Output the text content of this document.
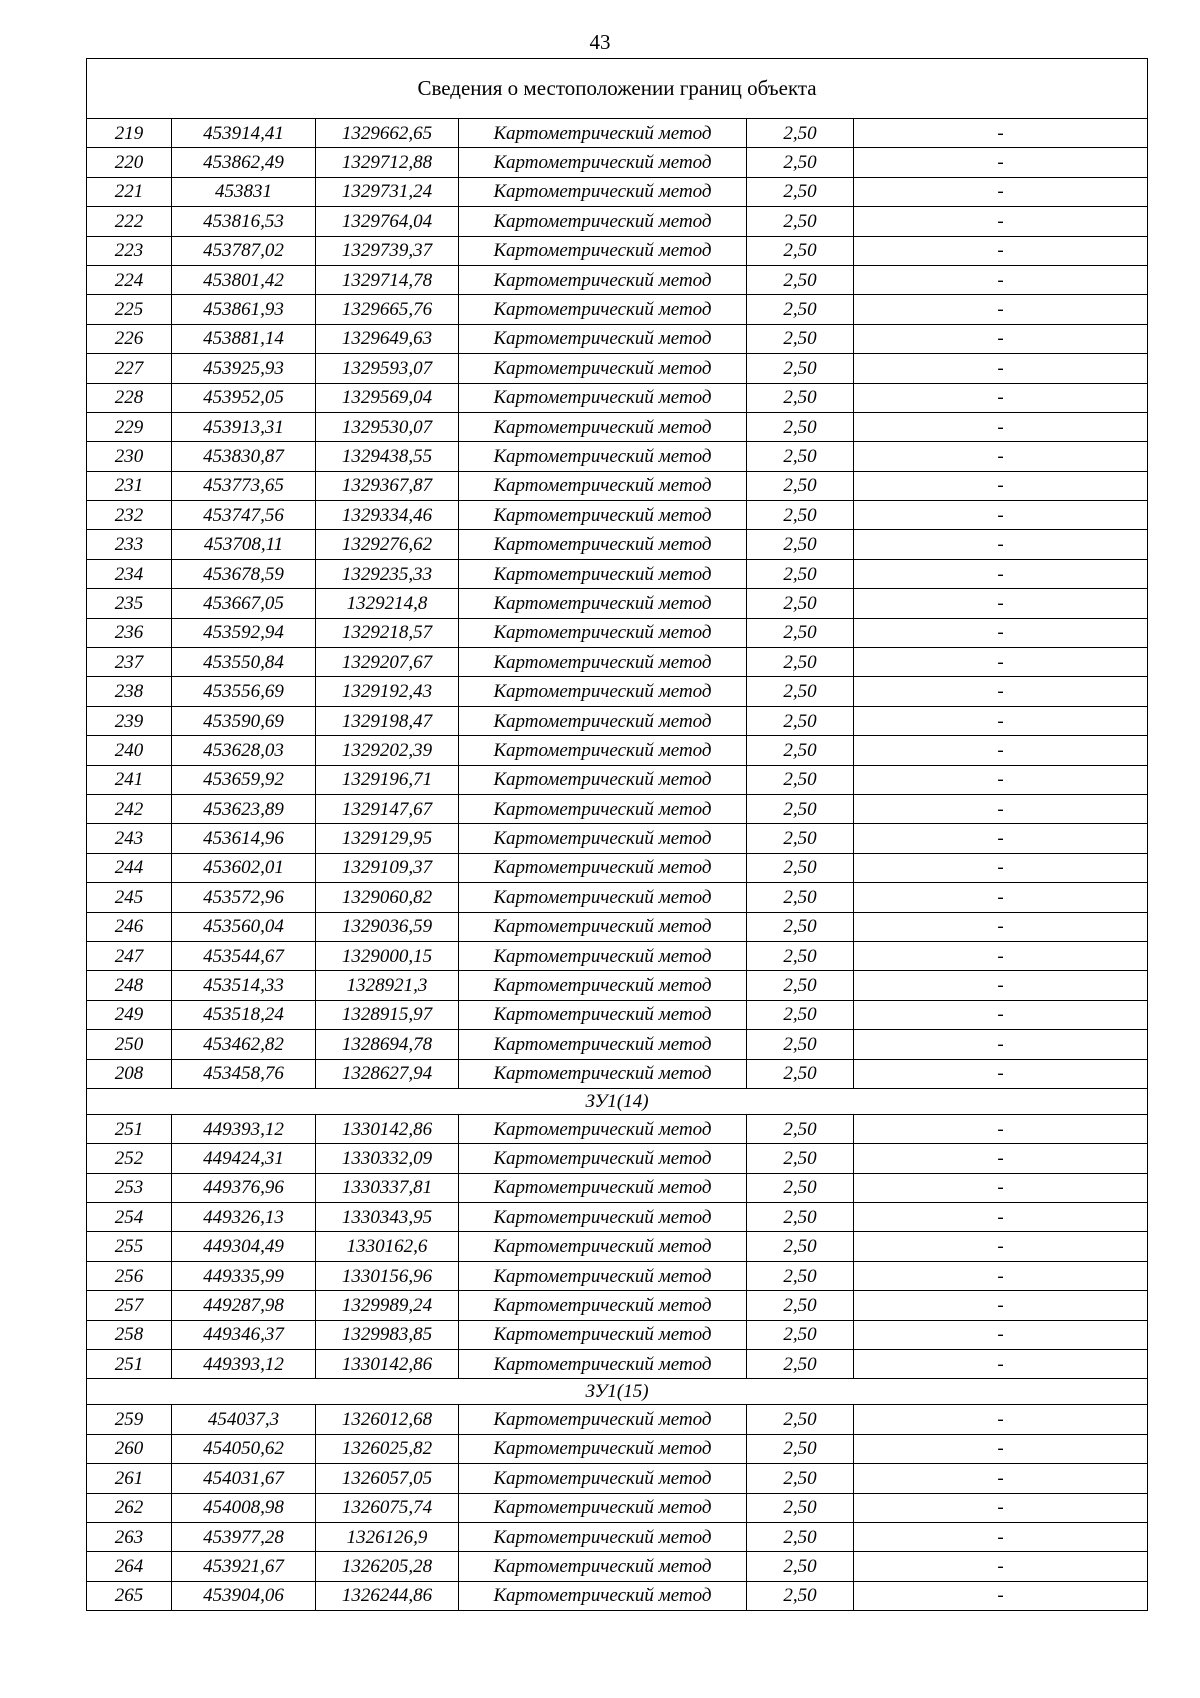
43
Сведения о местоположении границ объекта					
219	453914,41	1329662,65	Картометрический метод	2,50	-
220	453862,49	1329712,88	Картометрический метод	2,50	-
221	453831	1329731,24	Картометрический метод	2,50	-
222	453816,53	1329764,04	Картометрический метод	2,50	-
223	453787,02	1329739,37	Картометрический метод	2,50	-
224	453801,42	1329714,78	Картометрический метод	2,50	-
225	453861,93	1329665,76	Картометрический метод	2,50	-
226	453881,14	1329649,63	Картометрический метод	2,50	-
227	453925,93	1329593,07	Картометрический метод	2,50	-
228	453952,05	1329569,04	Картометрический метод	2,50	-
229	453913,31	1329530,07	Картометрический метод	2,50	-
230	453830,87	1329438,55	Картометрический метод	2,50	-
231	453773,65	1329367,87	Картометрический метод	2,50	-
232	453747,56	1329334,46	Картометрический метод	2,50	-
233	453708,11	1329276,62	Картометрический метод	2,50	-
234	453678,59	1329235,33	Картометрический метод	2,50	-
235	453667,05	1329214,8	Картометрический метод	2,50	-
236	453592,94	1329218,57	Картометрический метод	2,50	-
237	453550,84	1329207,67	Картометрический метод	2,50	-
238	453556,69	1329192,43	Картометрический метод	2,50	-
239	453590,69	1329198,47	Картометрический метод	2,50	-
240	453628,03	1329202,39	Картометрический метод	2,50	-
241	453659,92	1329196,71	Картометрический метод	2,50	-
242	453623,89	1329147,67	Картометрический метод	2,50	-
243	453614,96	1329129,95	Картометрический метод	2,50	-
244	453602,01	1329109,37	Картометрический метод	2,50	-
245	453572,96	1329060,82	Картометрический метод	2,50	-
246	453560,04	1329036,59	Картометрический метод	2,50	-
247	453544,67	1329000,15	Картометрический метод	2,50	-
248	453514,33	1328921,3	Картометрический метод	2,50	-
249	453518,24	1328915,97	Картометрический метод	2,50	-
250	453462,82	1328694,78	Картометрический метод	2,50	-
208	453458,76	1328627,94	Картометрический метод	2,50	-
ЗУ1(14)					
251	449393,12	1330142,86	Картометрический метод	2,50	-
252	449424,31	1330332,09	Картометрический метод	2,50	-
253	449376,96	1330337,81	Картометрический метод	2,50	-
254	449326,13	1330343,95	Картометрический метод	2,50	-
255	449304,49	1330162,6	Картометрический метод	2,50	-
256	449335,99	1330156,96	Картометрический метод	2,50	-
257	449287,98	1329989,24	Картометрический метод	2,50	-
258	449346,37	1329983,85	Картометрический метод	2,50	-
251	449393,12	1330142,86	Картометрический метод	2,50	-
ЗУ1(15)					
259	454037,3	1326012,68	Картометрический метод	2,50	-
260	454050,62	1326025,82	Картометрический метод	2,50	-
261	454031,67	1326057,05	Картометрический метод	2,50	-
262	454008,98	1326075,74	Картометрический метод	2,50	-
263	453977,28	1326126,9	Картометрический метод	2,50	-
264	453921,67	1326205,28	Картометрический метод	2,50	-
265	453904,06	1326244,86	Картометрический метод	2,50	-
